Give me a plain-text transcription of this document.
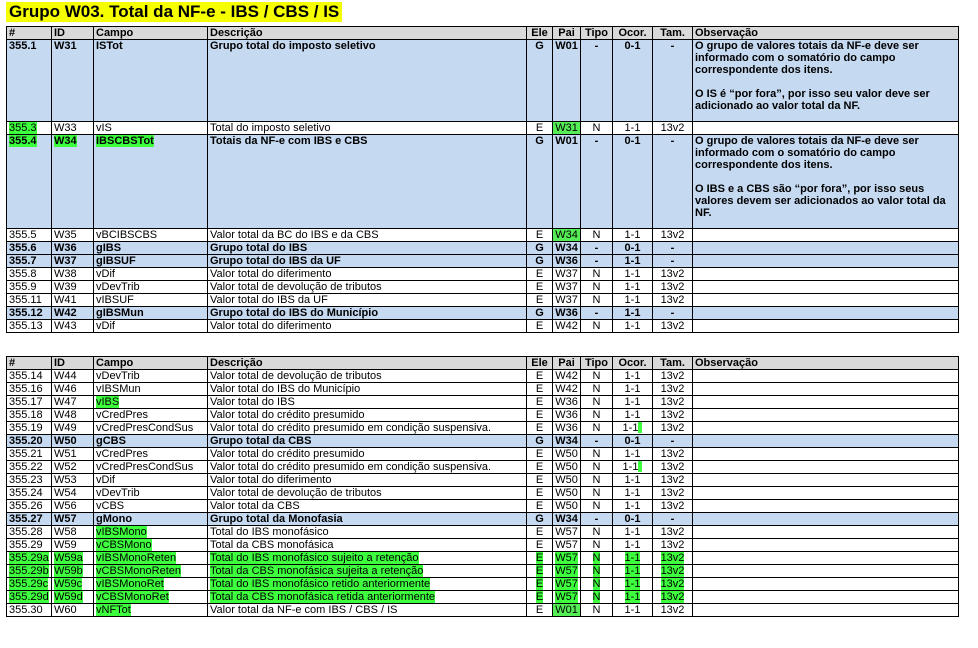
Grupo W03. Total da NF-e - IBS / CBS / IS
#	ID	Campo	Descrição	Ele	Pai	Tipo	Ocor.	Tam.	Observação
355.1	W31	ISTot	Grupo total do imposto seletivo	G	W01	-	0-1	-	O grupo de valores totais da NF-e deve ser informado com o somatório do campo correspondente dos itens.
O IS é “por fora”, por isso seu valor deve ser adicionado ao valor total da NF.

355.3	W33	vIS	Total do imposto seletivo	E	W31	N	1-1	13v2	
355.4	W34	IBSCBSTot	Totais da NF-e com IBS e CBS	G	W01	-	0-1	-	O grupo de valores totais da NF-e deve ser informado com o somatório do campo correspondente dos itens.
O IBS e a CBS são “por fora”, por isso seus valores devem ser adicionados ao valor total da NF.

355.5	W35	vBCIBSCBS	Valor total da BC do IBS e da CBS	E	W34	N	1-1	13v2	
355.6	W36	gIBS	Grupo total do IBS	G	W34	-	0-1	-	
355.7	W37	gIBSUF	Grupo total do IBS da UF	G	W36	-	1-1	-	
355.8	W38	vDif	Valor total do diferimento	E	W37	N	1-1	13v2	
355.9	W39	vDevTrib	Valor total de devolução de tributos	E	W37	N	1-1	13v2	
355.11	W41	vIBSUF	Valor total do IBS da UF	E	W37	N	1-1	13v2	
355.12	W42	gIBSMun	Grupo total do IBS do Município	G	W36	-	1-1	-	
355.13	W43	vDif	Valor total do diferimento	E	W42	N	1-1	13v2	
#	ID	Campo	Descrição	Ele	Pai	Tipo	Ocor.	Tam.	Observação
355.14	W44	vDevTrib	Valor total de devolução de tributos	E	W42	N	1-1	13v2	
355.16	W46	vIBSMun	Valor total do IBS do Município	E	W42	N	1-1	13v2	
355.17	W47	vIBS	Valor total do IBS	E	W36	N	1-1	13v2	
355.18	W48	vCredPres	Valor total do crédito presumido	E	W36	N	1-1	13v2	
355.19	W49	vCredPresCondSus	Valor total do crédito presumido em condição suspensiva.	E	W36	N	1-1	13v2	
355.20	W50	gCBS	Grupo total da CBS	G	W34	-	0-1	-	
355.21	W51	vCredPres	Valor total do crédito presumido	E	W50	N	1-1	13v2	
355.22	W52	vCredPresCondSus	Valor total do crédito presumido em condição suspensiva.	E	W50	N	1-1	13v2	
355.23	W53	vDif	Valor total do diferimento	E	W50	N	1-1	13v2	
355.24	W54	vDevTrib	Valor total de devolução de tributos	E	W50	N	1-1	13v2	
355.26	W56	vCBS	Valor total da CBS	E	W50	N	1-1	13v2	
355.27	W57	gMono	Grupo total da Monofasia	G	W34	-	0-1	-	
355.28	W58	vIBSMono	Total do IBS monofásico	E	W57	N	1-1	13v2	
355.29	W59	vCBSMono	Total da CBS monofásica	E	W57	N	1-1	13v2	
355.29a	W59a	vIBSMonoReten	Total do IBS monofásico sujeito a retenção	E	W57	N	1-1	13v2	
355.29b	W59b	vCBSMonoReten	Total da CBS monofásica sujeita a retenção	E	W57	N	1-1	13v2	
355.29c	W59c	vIBSMonoRet	Total do IBS monofásico retido anteriormente	E	W57	N	1-1	13v2	
355.29d	W59d	vCBSMonoRet	Total da CBS monofásica retida anteriormente	E	W57	N	1-1	13v2	
355.30	W60	vNFTot	Valor total da NF-e com IBS / CBS / IS	E	W01	N	1-1	13v2	
